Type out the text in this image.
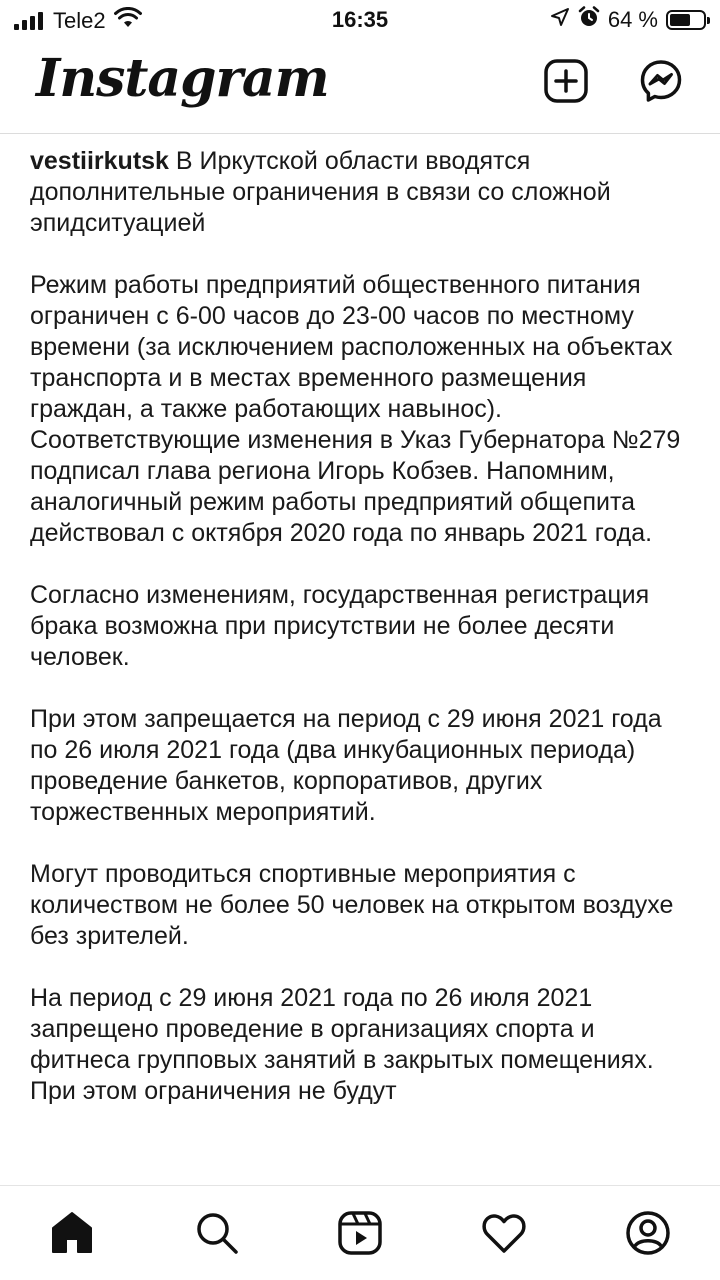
Tele2	16:35	64 %
Instagram

vestiirkutsk В Иркутской области вводятся дополнительные ограничения в связи со сложной эпидситуацией

Режим работы предприятий общественного питания ограничен с 6-00 часов до 23-00 часов по местному времени (за исключением расположенных на объектах транспорта и в местах временного размещения граждан, а также работающих навынос). Соответствующие изменения в Указ Губернатора №279 подписал глава региона Игорь Кобзев. Напомним, аналогичный режим работы предприятий общепита действовал с октября 2020 года по январь 2021 года.

Согласно изменениям, государственная регистрация брака возможна при присутствии не более десяти человек.

При этом запрещается на период с 29 июня 2021 года по 26 июля 2021 года (два инкубационных периода) проведение банкетов, корпоративов, других торжественных мероприятий.

Могут проводиться спортивные мероприятия с количеством не более 50 человек на открытом воздухе без зрителей.

На период с 29 июня 2021 года по 26 июля 2021 запрещено проведение в организациях спорта и фитнеса групповых занятий в закрытых помещениях. При этом ограничения не будут
